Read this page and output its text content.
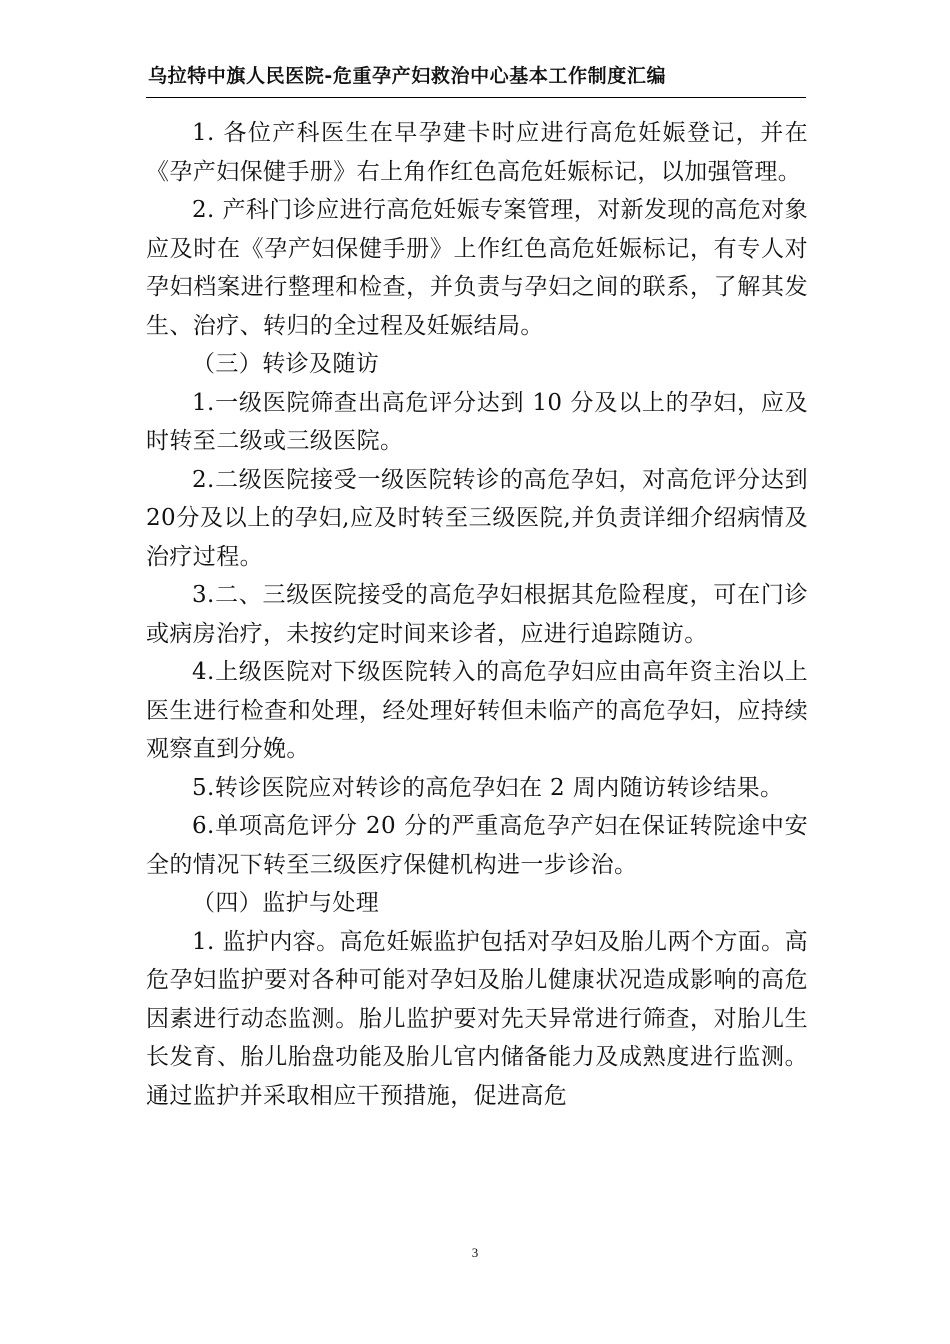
乌拉特中旗人民医院-危重孕产妇救治中心基本工作制度汇编

1. 各位产科医生在早孕建卡时应进行高危妊娠登记，并在《孕产妇保健手册》右上角作红色高危妊娠标记，以加强管理。

2. 产科门诊应进行高危妊娠专案管理，对新发现的高危对象应及时在《孕产妇保健手册》上作红色高危妊娠标记，有专人对孕妇档案进行整理和检查，并负责与孕妇之间的联系，了解其发生、治疗、转归的全过程及妊娠结局。

（三）转诊及随访

1.一级医院筛查出高危评分达到 10 分及以上的孕妇，应及时转至二级或三级医院。

2.二级医院接受一级医院转诊的高危孕妇，对高危评分达到 20分及以上的孕妇,应及时转至三级医院,并负责详细介绍病情及治疗过程。

3.二、三级医院接受的高危孕妇根据其危险程度，可在门诊或病房治疗，未按约定时间来诊者，应进行追踪随访。

4.上级医院对下级医院转入的高危孕妇应由高年资主治以上医生进行检查和处理，经处理好转但未临产的高危孕妇，应持续观察直到分娩。

5.转诊医院应对转诊的高危孕妇在 2 周内随访转诊结果。

6.单项高危评分 20 分的严重高危孕产妇在保证转院途中安全的情况下转至三级医疗保健机构进一步诊治。

（四）监护与处理

1. 监护内容。高危妊娠监护包括对孕妇及胎儿两个方面。高危孕妇监护要对各种可能对孕妇及胎儿健康状况造成影响的高危因素进行动态监测。胎儿监护要对先天异常进行筛查，对胎儿生长发育、胎儿胎盘功能及胎儿官内储备能力及成熟度进行监测。通过监护并采取相应干预措施，促进高危

3
